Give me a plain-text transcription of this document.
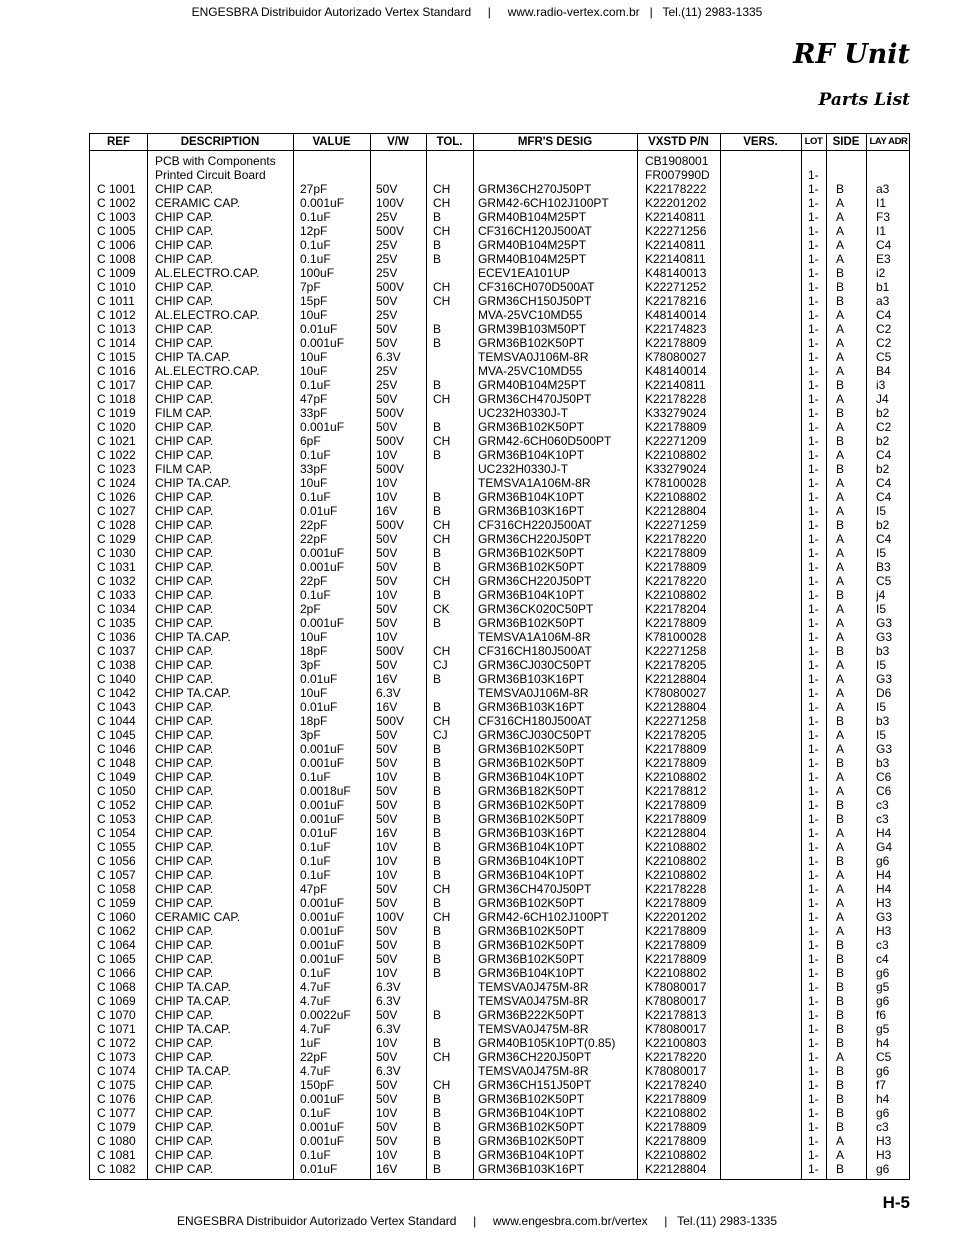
ENGESBRA Distribuidor Autorizado Vertex Standard     |     www.radio-vertex.com.br   |   Tel.(11) 2983-1335
RF Unit
Parts List
REF	DESCRIPTION	VALUE	V/W	TOL.	MFR'S DESIG	VXSTD P/N	VERS.	LOT SIDE	LAY ADR
PCB with Components	CB1908001
Printed Circuit Board	FR007990D	1-
C 1001 CHIP CAP.	27pF	50V	CH GRM36CH270J50PT	K22178222	1- B	a3
C 1002 CERAMIC CAP.	0.001uF	100V CH GRM42-6CH102J100PT	K22201202	1- A	I1
C 1003 CHIP CAP.	0.1uF	25V	B	GRM40B104M25PT	K22140811	1- A	F3
C 1005 CHIP CAP.	12pF	500V CH CF316CH120J500AT	K22271256	1- A	I1
C 1006 CHIP CAP.	0.1uF	25V	B	GRM40B104M25PT	K22140811	1- A	C4
C 1008 CHIP CAP.	0.1uF	25V	B	GRM40B104M25PT	K22140811	1- A	E3
C 1009 AL.ELECTRO.CAP.	100uF	25V	ECEV1EA101UP	K48140013	1- B	i2
C 1010 CHIP CAP.	7pF	500V CH CF316CH070D500AT	K22271252	1- B	b1
C 1011 CHIP CAP.	15pF	50V	CH GRM36CH150J50PT	K22178216	1- B	a3
C 1012 AL.ELECTRO.CAP.	10uF	25V	MVA-25VC10MD55	K48140014	1- A	C4
C 1013 CHIP CAP.	0.01uF	50V	B	GRM39B103M50PT	K22174823	1- A	C2
C 1014 CHIP CAP.	0.001uF	50V	B	GRM36B102K50PT	K22178809	1- A	C2
C 1015 CHIP TA.CAP.	10uF	6.3V	TEMSVA0J106M-8R	K78080027	1- A	C5
C 1016 AL.ELECTRO.CAP.	10uF	25V	MVA-25VC10MD55	K48140014	1- A	B4
C 1017 CHIP CAP.	0.1uF	25V	B	GRM40B104M25PT	K22140811	1- B	i3
C 1018 CHIP CAP.	47pF	50V	CH GRM36CH470J50PT	K22178228	1- A	J4
C 1019 FILM CAP.	33pF	500V	UC232H0330J-T	K33279024	1- B	b2
C 1020 CHIP CAP.	0.001uF	50V	B	GRM36B102K50PT	K22178809	1- A	C2
C 1021 CHIP CAP.	6pF	500V CH GRM42-6CH060D500PT	K22271209	1- B	b2
C 1022 CHIP CAP.	0.1uF	10V	B	GRM36B104K10PT	K22108802	1- A	C4
C 1023 FILM CAP.	33pF	500V	UC232H0330J-T	K33279024	1- B	b2
C 1024 CHIP TA.CAP.	10uF	10V	TEMSVA1A106M-8R	K78100028	1- A	C4
C 1026 CHIP CAP.	0.1uF	10V	B	GRM36B104K10PT	K22108802	1- A	C4
C 1027 CHIP CAP.	0.01uF	16V	B	GRM36B103K16PT	K22128804	1- A	I5
C 1028 CHIP CAP.	22pF	500V CH CF316CH220J500AT	K22271259	1- B	b2
C 1029 CHIP CAP.	22pF	50V	CH GRM36CH220J50PT	K22178220	1- A	C4
C 1030 CHIP CAP.	0.001uF	50V	B	GRM36B102K50PT	K22178809	1- A	I5
C 1031 CHIP CAP.	0.001uF	50V	B	GRM36B102K50PT	K22178809	1- A	B3
C 1032 CHIP CAP.	22pF	50V	CH GRM36CH220J50PT	K22178220	1- A	C5
C 1033 CHIP CAP.	0.1uF	10V	B	GRM36B104K10PT	K22108802	1- B	j4
C 1034 CHIP CAP.	2pF	50V	CK GRM36CK020C50PT	K22178204	1- A	I5
C 1035 CHIP CAP.	0.001uF	50V	B	GRM36B102K50PT	K22178809	1- A	G3
C 1036 CHIP TA.CAP.	10uF	10V	TEMSVA1A106M-8R	K78100028	1- A	G3
C 1037 CHIP CAP.	18pF	500V CH CF316CH180J500AT	K22271258	1- B	b3
C 1038 CHIP CAP.	3pF	50V	CJ	GRM36CJ030C50PT	K22178205	1- A	I5
C 1040 CHIP CAP.	0.01uF	16V	B	GRM36B103K16PT	K22128804	1- A	G3
C 1042 CHIP TA.CAP.	10uF	6.3V	TEMSVA0J106M-8R	K78080027	1- A	D6
C 1043 CHIP CAP.	0.01uF	16V	B	GRM36B103K16PT	K22128804	1- A	I5
C 1044 CHIP CAP.	18pF	500V CH CF316CH180J500AT	K22271258	1- B	b3
C 1045 CHIP CAP.	3pF	50V	CJ	GRM36CJ030C50PT	K22178205	1- A	I5
C 1046 CHIP CAP.	0.001uF	50V	B	GRM36B102K50PT	K22178809	1- A	G3
C 1048 CHIP CAP.	0.001uF	50V	B	GRM36B102K50PT	K22178809	1- B	b3
C 1049 CHIP CAP.	0.1uF	10V	B	GRM36B104K10PT	K22108802	1- A	C6
C 1050 CHIP CAP.	0.0018uF 50V	B	GRM36B182K50PT	K22178812	1- A	C6
C 1052 CHIP CAP.	0.001uF	50V	B	GRM36B102K50PT	K22178809	1- B	c3
C 1053 CHIP CAP.	0.001uF	50V	B	GRM36B102K50PT	K22178809	1- B	c3
C 1054 CHIP CAP.	0.01uF	16V	B	GRM36B103K16PT	K22128804	1- A	H4
C 1055 CHIP CAP.	0.1uF	10V	B	GRM36B104K10PT	K22108802	1- A	G4
C 1056 CHIP CAP.	0.1uF	10V	B	GRM36B104K10PT	K22108802	1- B	g6
C 1057 CHIP CAP.	0.1uF	10V	B	GRM36B104K10PT	K22108802	1- A	H4
C 1058 CHIP CAP.	47pF	50V	CH GRM36CH470J50PT	K22178228	1- A	H4
C 1059 CHIP CAP.	0.001uF	50V	B	GRM36B102K50PT	K22178809	1- A	H3
C 1060 CERAMIC CAP.	0.001uF	100V CH GRM42-6CH102J100PT	K22201202	1- A	G3
C 1062 CHIP CAP.	0.001uF	50V	B	GRM36B102K50PT	K22178809	1- A	H3
C 1064 CHIP CAP.	0.001uF	50V	B	GRM36B102K50PT	K22178809	1- B	c3
C 1065 CHIP CAP.	0.001uF	50V	B	GRM36B102K50PT	K22178809	1- B	c4
C 1066 CHIP CAP.	0.1uF	10V	B	GRM36B104K10PT	K22108802	1- B	g6
C 1068 CHIP TA.CAP.	4.7uF	6.3V	TEMSVA0J475M-8R	K78080017	1- B	g5
C 1069 CHIP TA.CAP.	4.7uF	6.3V	TEMSVA0J475M-8R	K78080017	1- B	g6
C 1070 CHIP CAP.	0.0022uF 50V	B	GRM36B222K50PT	K22178813	1- B	f6
C 1071 CHIP TA.CAP.	4.7uF	6.3V	TEMSVA0J475M-8R	K78080017	1- B	g5
C 1072 CHIP CAP.	1uF	10V	B	GRM40B105K10PT(0.85) K22100803	1- B	h4
C 1073 CHIP CAP.	22pF	50V	CH GRM36CH220J50PT	K22178220	1- A	C5
C 1074 CHIP TA.CAP.	4.7uF	6.3V	TEMSVA0J475M-8R	K78080017	1- B	g6
C 1075 CHIP CAP.	150pF	50V	CH GRM36CH151J50PT	K22178240	1- B	f7
C 1076 CHIP CAP.	0.001uF	50V	B	GRM36B102K50PT	K22178809	1- B	h4
C 1077 CHIP CAP.	0.1uF	10V	B	GRM36B104K10PT	K22108802	1- B	g6
C 1079 CHIP CAP.	0.001uF	50V	B	GRM36B102K50PT	K22178809	1- B	c3
C 1080 CHIP CAP.	0.001uF	50V	B	GRM36B102K50PT	K22178809	1- A	H3
C 1081 CHIP CAP.	0.1uF	10V	B	GRM36B104K10PT	K22108802	1- A	H3
C 1082 CHIP CAP.	0.01uF	16V	B	GRM36B103K16PT	K22128804	1- B	g6
H-5
ENGESBRA Distribuidor Autorizado Vertex Standard     |     www.engesbra.com.br/vertex     |   Tel.(11) 2983-1335
